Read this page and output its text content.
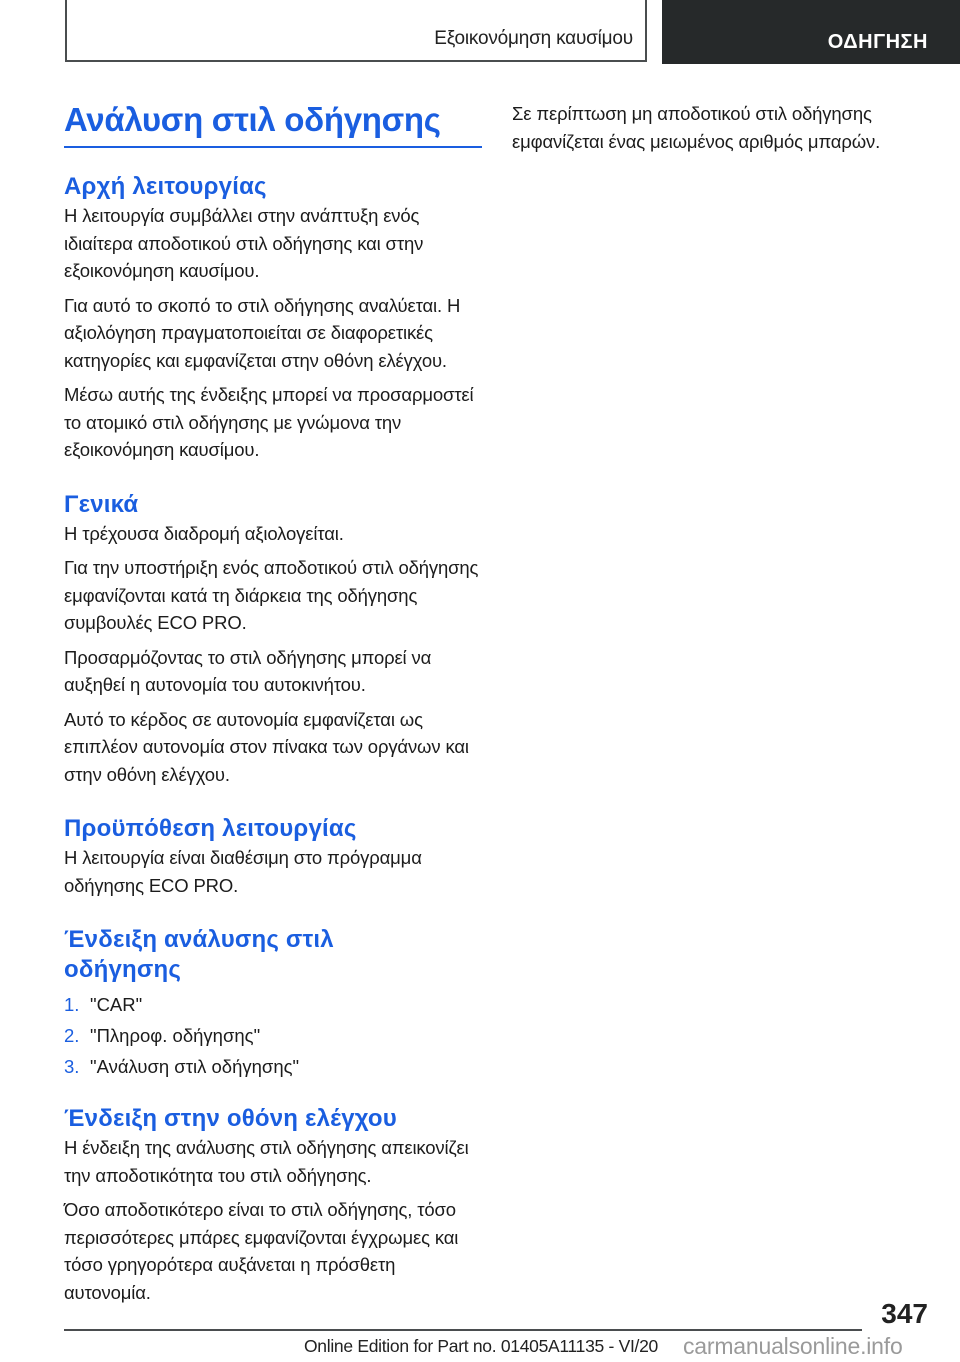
Εξοικονόμηση καυσίμου	ΟΔΗΓΗΣΗ
Ανάλυση στιλ οδήγησης
Αρχή λειτουργίας

Η λειτουργία συμβάλλει στην ανάπτυξη ενός ιδιαίτερα αποδοτικού στιλ οδήγησης και στην εξοικονόμηση καυσίμου.

Για αυτό το σκοπό το στιλ οδήγησης αναλύεται. Η αξιολόγηση πραγματοποιείται σε διαφορετικές κατηγορίες και εμφανίζεται στην οθόνη ελέγχου.

Μέσω αυτής της ένδειξης μπορεί να προσαρμοστεί το ατομικό στιλ οδήγησης με γνώμονα την εξοικονόμηση καυσίμου.

Γενικά

Η τρέχουσα διαδρομή αξιολογείται.

Για την υποστήριξη ενός αποδοτικού στιλ οδήγησης εμφανίζονται κατά τη διάρκεια της οδήγησης συμβουλές ECO PRO.

Προσαρμόζοντας το στιλ οδήγησης μπορεί να αυξηθεί η αυτονομία του αυτοκινήτου.

Αυτό το κέρδος σε αυτονομία εμφανίζεται ως επιπλέον αυτονομία στον πίνακα των οργάνων και στην οθόνη ελέγχου.

Προϋπόθεση λειτουργίας

Η λειτουργία είναι διαθέσιμη στο πρόγραμμα οδήγησης ECO PRO.

Ένδειξη ανάλυσης στιλ οδήγησης
1. "CAR"
2. "Πληροφ. οδήγησης"
3. "Ανάλυση στιλ οδήγησης"
Ένδειξη στην οθόνη ελέγχου

Η ένδειξη της ανάλυσης στιλ οδήγησης απεικονίζει την αποδοτικότητα του στιλ οδήγησης.

Όσο αποδοτικότερο είναι το στιλ οδήγησης, τόσο περισσότερες μπάρες εμφανίζονται έγχρωμες και τόσο γρηγορότερα αυξάνεται η πρόσθετη αυτονομία.

Σε περίπτωση μη αποδοτικού στιλ οδήγησης εμφανίζεται ένας μειωμένος αριθμός μπαρών.

347
Online Edition for Part no. 01405A11135 - VI/20 carmanualsonline.info
